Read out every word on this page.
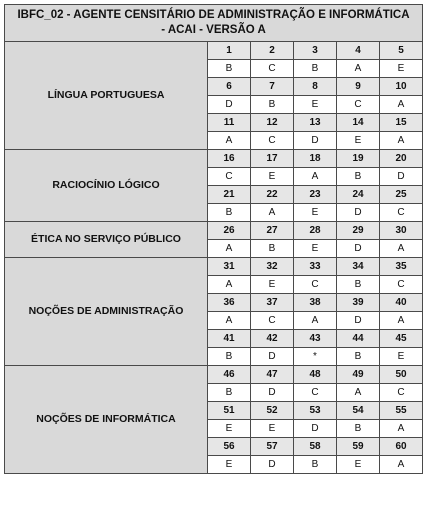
IBFC_02 - AGENTE CENSITÁRIO DE ADMINISTRAÇÃO E INFORMÁTICA
- ACAI - VERSÃO A					

LÍNGUA PORTUGUESA	1	2	3	4	5
	B	C	B	A	E
	6	7	8	9	10
	D	B	E	C	A
	11	12	13	14	15
	A	C	D	E	A
RACIOCÍNIO LÓGICO	16	17	18	19	20
	C	E	A	B	D
	21	22	23	24	25
	B	A	E	D	C
ÉTICA NO SERVIÇO PÚBLICO	26	27	28	29	30
	A	B	E	D	A
NOÇÕES DE ADMINISTRAÇÃO	31	32	33	34	35
	A	E	C	B	C
	36	37	38	39	40
	A	C	A	D	A
	41	42	43	44	45
	B	D	*	B	E
NOÇÕES DE INFORMÁTICA	46	47	48	49	50
	B	D	C	A	C
	51	52	53	54	55
	E	E	D	B	A
	56	57	58	59	60
	E	D	B	E	A
